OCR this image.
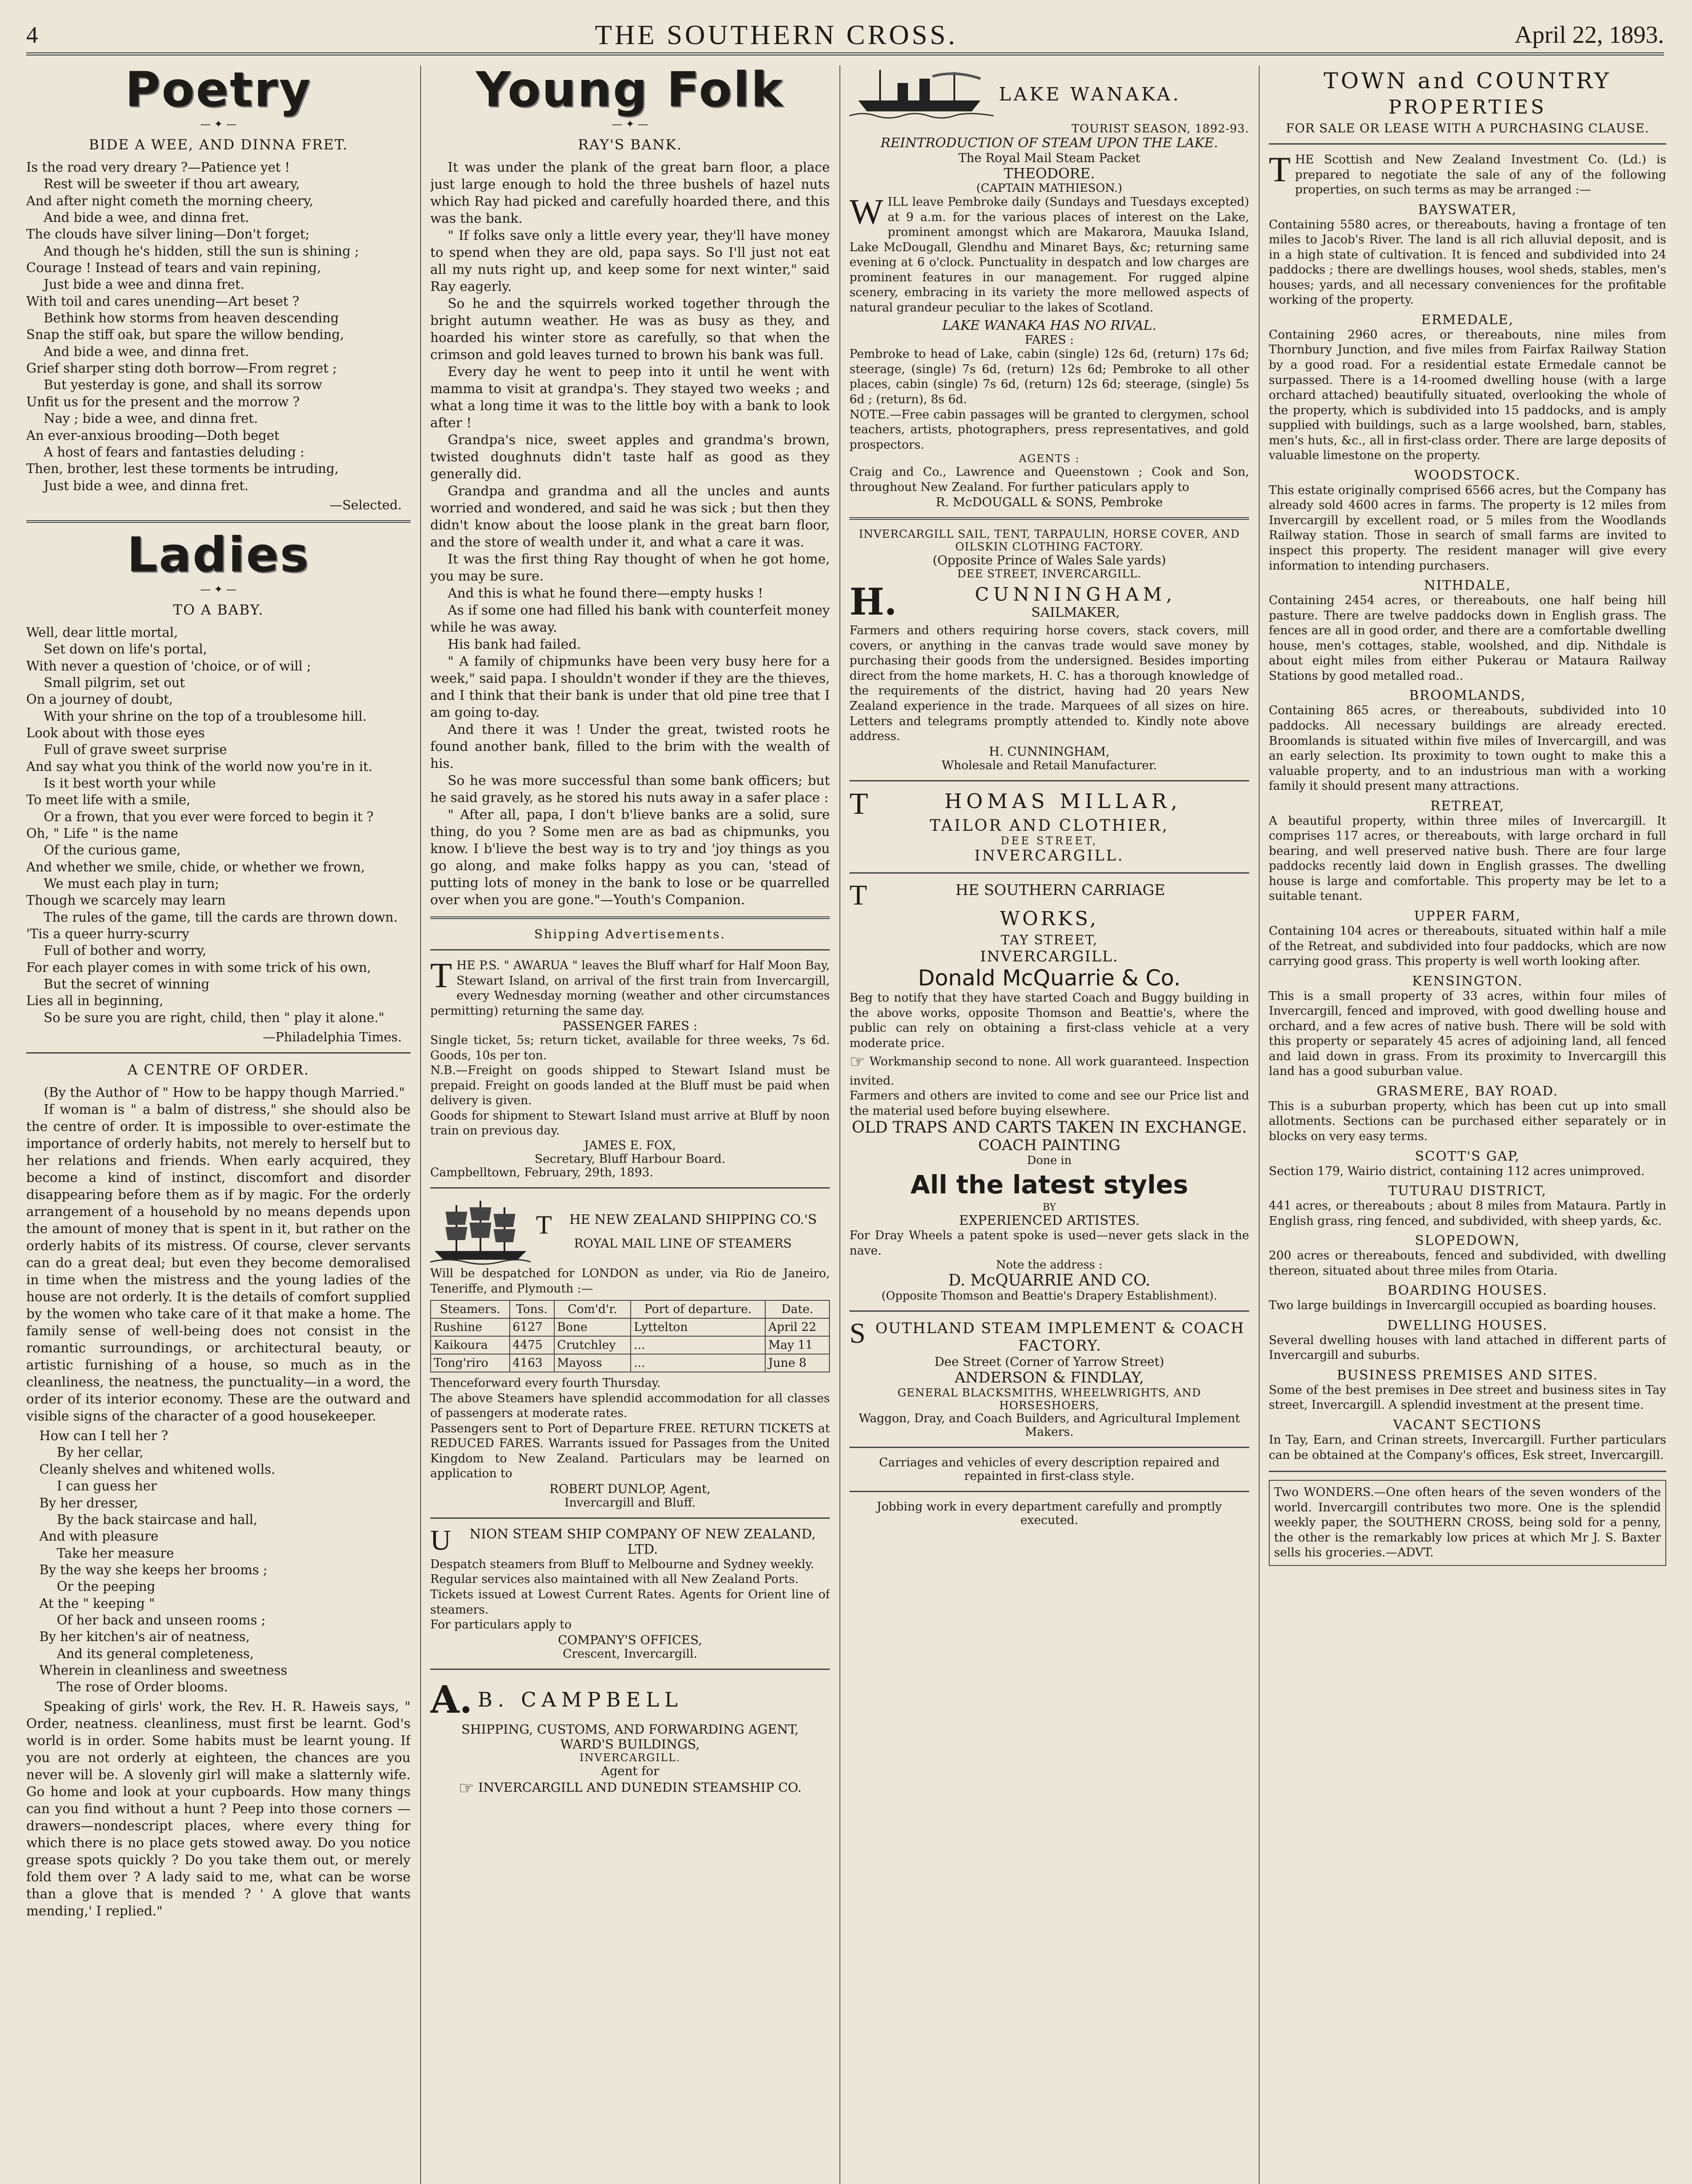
4	THE SOUTHERN CROSS.	April 22, 1893.
Poetry
— ✦ —
BIDE A WEE, AND DINNA FRET.

Is the road very dreary ?—Patience yet !

Rest will be sweeter if thou art aweary,

And after night cometh the morning cheery,

And bide a wee, and dinna fret.

The clouds have silver lining—Don't forget;

And though he's hidden, still the sun is shining ;

Courage ! Instead of tears and vain repining,

Just bide a wee and dinna fret.

With toil and cares unending—Art beset ?

Bethink how storms from heaven descending

Snap the stiff oak, but spare the willow bending,

And bide a wee, and dinna fret.

Grief sharper sting doth borrow—From regret ;

But yesterday is gone, and shall its sorrow

Unfit us for the present and the morrow ?

Nay ; bide a wee, and dinna fret.

An ever-anxious brooding—Doth beget

A host of fears and fantasties deluding :

Then, brother, lest these torments be intruding,

Just bide a wee, and dinna fret.

—Selected.
Ladies
— ✦ —
TO A BABY.

Well, dear little mortal,

Set down on life's portal,

With never a question of 'choice, or of will ;

Small pilgrim, set out

On a journey of doubt,

With your shrine on the top of a troublesome hill.

Look about with those eyes

Full of grave sweet surprise

And say what you think of the world now you're in it.

Is it best worth your while

To meet life with a smile,

Or a frown, that you ever were forced to begin it ?

Oh, " Life " is the name

Of the curious game,

And whether we smile, chide, or whether we frown,

We must each play in turn;

Though we scarcely may learn

The rules of the game, till the cards are thrown down.

'Tis a queer hurry-scurry

Full of bother and worry,

For each player comes in with some trick of his own,

But the secret of winning

Lies all in beginning,

So be sure you are right, child, then " play it alone."

—Philadelphia Times.
A CENTRE OF ORDER.

(By the Author of " How to be happy though Married."

If woman is " a balm of distress," she should also be the centre of order. It is impossible to over-estimate the importance of orderly habits, not merely to herself but to her relations and friends. When early acquired, they become a kind of instinct, discomfort and disorder disappearing before them as if by magic. For the orderly arrangement of a household by no means depends upon the amount of money that is spent in it, but rather on the orderly habits of its mistress. Of course, clever servants can do a great deal; but even they become demoralised in time when the mistress and the young ladies of the house are not orderly. It is the details of comfort supplied by the women who take care of it that make a home. The family sense of well-being does not consist in the romantic surroundings, or architectural beauty, or artistic furnishing of a house, so much as in the cleanliness, the neatness, the punctuality—in a word, the order of its interior economy. These are the outward and visible signs of the character of a good housekeeper.

How can I tell her ?

By her cellar,

Cleanly shelves and whitened wolls.

I can guess her

By her dresser,

By the back staircase and hall,

And with pleasure

Take her measure

By the way she keeps her brooms ;

Or the peeping

At the " keeping "

Of her back and unseen rooms ;

By her kitchen's air of neatness,

And its general completeness,

Wherein in cleanliness and sweetness

The rose of Order blooms.

Speaking of girls' work, the Rev. H. R. Haweis says, " Order, neatness. cleanliness, must first be learnt. God's world is in order. Some habits must be learnt young. If you are not orderly at eighteen, the chances are you never will be. A slovenly girl will make a slatternly wife. Go home and look at your cupboards. How many things can you find without a hunt ? Peep into those corners — drawers—nondescript places, where every thing for which there is no place gets stowed away. Do you notice grease spots quickly ? Do you take them out, or merely fold them over ? A lady said to me, what can be worse than a glove that is mended ? ' A glove that wants mending,' I replied."

Young Folk
— ✦ —
RAY'S BANK.

It was under the plank of the great barn floor, a place just large enough to hold the three bushels of hazel nuts which Ray had picked and carefully hoarded there, and this was the bank.

" If folks save only a little every year, they'll have money to spend when they are old, papa says. So I'll just not eat all my nuts right up, and keep some for next winter," said Ray eagerly.

So he and the squirrels worked together through the bright autumn weather. He was as busy as they, and hoarded his winter store as carefully, so that when the crimson and gold leaves turned to brown his bank was full.

Every day he went to peep into it until he went with mamma to visit at grandpa's. They stayed two weeks ; and what a long time it was to the little boy with a bank to look after !

Grandpa's nice, sweet apples and grandma's brown, twisted doughnuts didn't taste half as good as they generally did.

Grandpa and grandma and all the uncles and aunts worried and wondered, and said he was sick ; but then they didn't know about the loose plank in the great barn floor, and the store of wealth under it, and what a care it was.

It was the first thing Ray thought of when he got home, you may be sure.

And this is what he found there—empty husks !

As if some one had filled his bank with counterfeit money while he was away.

His bank had failed.

" A family of chipmunks have been very busy here for a week," said papa. I shouldn't wonder if they are the thieves, and I think that their bank is under that old pine tree that I am going to-day.

And there it was ! Under the great, twisted roots he found another bank, filled to the brim with the wealth of his.

So he was more successful than some bank officers; but he said gravely, as he stored his nuts away in a safer place :

" After all, papa, I don't b'lieve banks are a solid, sure thing, do you ? Some men are as bad as chipmunks, you know. I b'lieve the best way is to try and 'joy things as you go along, and make folks happy as you can, 'stead of putting lots of money in the bank to lose or be quarrelled over when you are gone."—Youth's Companion.

Shipping Advertisements.

THE P.S. " AWARUA " leaves the Bluff wharf for Half Moon Bay, Stewart Island, on arrival of the first train from Invercargill, every Wednesday morning (weather and other circumstances permitting) returning the same day.

PASSENGER FARES :

Single ticket, 5s; return ticket, available for three weeks, 7s 6d. Goods, 10s per ton.

N.B.—Freight on goods shipped to Stewart Island must be prepaid. Freight on goods landed at the Bluff must be paid when delivery is given.

Goods for shipment to Stewart Island must arrive at Bluff by noon train on previous day.

JAMES E. FOX,
Secretary, Bluff Harbour Board.
Campbelltown, February, 29th, 1893.
T HE NEW ZEALAND SHIPPING CO.'S
ROYAL MAIL LINE OF STEAMERS

Will be despatched for LONDON as under, via Rio de Janeiro, Teneriffe, and Plymouth :—

Steamers.	Tons.	Com'd'r.	Port of departure.	Date.
Rushine	6127	Bone	Lyttelton	April 22
Kaikoura	4475	Crutchley	...	May 11
Tong'riro	4163	Mayoss	...	June 8

Thenceforward every fourth Thursday.

The above Steamers have splendid accommodation for all classes of passengers at moderate rates.

Passengers sent to Port of Departure FREE. RETURN TICKETS at REDUCED FARES. Warrants issued for Passages from the United Kingdom to New Zealand. Particulars may be learned on application to

ROBERT DUNLOP, Agent,
Invercargill and Bluff.
U NION STEAM SHIP COMPANY OF NEW ZEALAND, LTD.

Despatch steamers from Bluff to Melbourne and Sydney weekly.

Regular services also maintained with all New Zealand Ports.

Tickets issued at Lowest Current Rates. Agents for Orient line of steamers.

For particulars apply to

COMPANY'S OFFICES,
Crescent, Invercargill.
A. B. CAMPBELL
SHIPPING, CUSTOMS, AND FORWARDING AGENT,
WARD'S BUILDINGS,
INVERCARGILL.
Agent for
☞ INVERCARGILL AND DUNEDIN STEAMSHIP CO.
LAKE WANAKA.
TOURIST SEASON, 1892-93.
REINTRODUCTION OF STEAM UPON THE LAKE.
The Royal Mail Steam Packet
THEODORE.
(CAPTAIN MATHIESON.)

WILL leave Pembroke daily (Sundays and Tuesdays excepted) at 9 a.m. for the various places of interest on the Lake, prominent amongst which are Makarora, Mauuka Island, Lake McDougall, Glendhu and Minaret Bays, &c; returning same evening at 6 o'clock. Punctuality in despatch and low charges are prominent features in our management. For rugged alpine scenery, embracing in its variety the more mellowed aspects of natural grandeur peculiar to the lakes of Scotland.

LAKE WANAKA HAS NO RIVAL.
FARES :

Pembroke to head of Lake, cabin (single) 12s 6d, (return) 17s 6d; steerage, (single) 7s 6d, (return) 12s 6d; Pembroke to all other places, cabin (single) 7s 6d, (return) 12s 6d; steerage, (single) 5s 6d ; (return), 8s 6d.

NOTE.—Free cabin passages will be granted to clergymen, school teachers, artists, photographers, press representatives, and gold prospectors.

AGENTS :

Craig and Co., Lawrence and Queenstown ; Cook and Son, throughout New Zealand. For further paticulars apply to

R. McDOUGALL & SONS, Pembroke
INVERCARGILL SAIL, TENT, TARPAULIN, HORSE COVER, AND OILSKIN CLOTHING FACTORY.
(Opposite Prince of Wales Sale yards)
DEE STREET, INVERCARGILL.
H.	CUNNINGHAM,
SAILMAKER,

Farmers and others requiring horse covers, stack covers, mill covers, or anything in the canvas trade would save money by purchasing their goods from the undersigned. Besides importing direct from the home markets, H. C. has a thorough knowledge of the requirements of the district, having had 20 years New Zealand experience in the trade. Marquees of all sizes on hire. Letters and telegrams promptly attended to. Kindly note above address.

H. CUNNINGHAM,
Wholesale and Retail Manufacturer.
T	HOMAS MILLAR,
TAILOR AND CLOTHIER,
DEE STREET,
INVERCARGILL.
T	HE SOUTHERN CARRIAGE
WORKS,
TAY STREET,
INVERCARGILL.
Donald McQuarrie & Co.

Beg to notify that they have started Coach and Buggy building in the above works, opposite Thomson and Beattie's, where the public can rely on obtaining a first-class vehicle at a very moderate price.

☞ Workmanship second to none. All work guaranteed. Inspection invited.

Farmers and others are invited to come and see our Price list and the material used before buying elsewhere.

OLD TRAPS AND CARTS TAKEN IN EXCHANGE.
COACH PAINTING
Done in
All the latest styles
BY
EXPERIENCED ARTISTES.

For Dray Wheels a patent spoke is used—never gets slack in the nave.

Note the address :
D. McQUARRIE AND CO.
(Opposite Thomson and Beattie's Drapery Establishment).
SOUTHLAND STEAM IMPLEMENT & COACH FACTORY.
Dee Street (Corner of Yarrow Street)
ANDERSON & FINDLAY,
GENERAL BLACKSMITHS, WHEELWRIGHTS, AND HORSESHOERS,
Waggon, Dray, and Coach Builders, and Agricultural Implement Makers.
Carriages and vehicles of every description repaired and repainted in first-class style.
Jobbing work in every department carefully and promptly executed.
TOWN and COUNTRY
PROPERTIES
FOR SALE OR LEASE WITH A PURCHASING CLAUSE.

THE Scottish and New Zealand Investment Co. (Ld.) is prepared to negotiate the sale of any of the following properties, on such terms as may be arranged :—

BAYSWATER,

Containing 5580 acres, or thereabouts, having a frontage of ten miles to Jacob's River. The land is all rich alluvial deposit, and is in a high state of cultivation. It is fenced and subdivided into 24 paddocks ; there are dwellings houses, wool sheds, stables, men's houses; yards, and all necessary conveniences for the profitable working of the property.

ERMEDALE,

Containing 2960 acres, or thereabouts, nine miles from Thornbury Junction, and five miles from Fairfax Railway Station by a good road. For a residential estate Ermedale cannot be surpassed. There is a 14-roomed dwelling house (with a large orchard attached) beautifully situated, overlooking the whole of the property, which is subdivided into 15 paddocks, and is amply supplied with buildings, such as a large woolshed, barn, stables, men's huts, &c., all in first-class order. There are large deposits of valuable limestone on the property.

WOODSTOCK.

This estate originally comprised 6566 acres, but the Company has already sold 4600 acres in farms. The property is 12 miles from Invercargill by excellent road, or 5 miles from the Woodlands Railway station. Those in search of small farms are invited to inspect this property. The resident manager will give every information to intending purchasers.

NITHDALE,

Containing 2454 acres, or thereabouts, one half being hill pasture. There are twelve paddocks down in English grass. The fences are all in good order, and there are a comfortable dwelling house, men's cottages, stable, woolshed, and dip. Nithdale is about eight miles from either Pukerau or Mataura Railway Stations by good metalled road..

BROOMLANDS,

Containing 865 acres, or thereabouts, subdivided into 10 paddocks. All necessary buildings are already erected. Broomlands is situated within five miles of Invercargill, and was an early selection. Its proximity to town ought to make this a valuable property, and to an industrious man with a working family it should present many attractions.

RETREAT,

A beautiful property, within three miles of Invercargill. It comprises 117 acres, or thereabouts, with large orchard in full bearing, and well preserved native bush. There are four large paddocks recently laid down in English grasses. The dwelling house is large and comfortable. This property may be let to a suitable tenant.

UPPER FARM,

Containing 104 acres or thereabouts, situated within half a mile of the Retreat, and subdivided into four paddocks, which are now carrying good grass. This property is well worth looking after.

KENSINGTON.

This is a small property of 33 acres, within four miles of Invercargill, fenced and improved, with good dwelling house and orchard, and a few acres of native bush. There will be sold with this property or separately 45 acres of adjoining land, all fenced and laid down in grass. From its proximity to Invercargill this land has a good suburban value.

GRASMERE, BAY ROAD.

This is a suburban property, which has been cut up into small allotments. Sections can be purchased either separately or in blocks on very easy terms.

SCOTT'S GAP,

Section 179, Wairio district, containing 112 acres unimproved.

TUTURAU DISTRICT,

441 acres, or thereabouts ; about 8 miles from Mataura. Partly in English grass, ring fenced, and subdivided, with sheep yards, &c.

SLOPEDOWN,

200 acres or thereabouts, fenced and subdivided, with dwelling thereon, situated about three miles from Otaria.

BOARDING HOUSES.

Two large buildings in Invercargill occupied as boarding houses.

DWELLING HOUSES.

Several dwelling houses with land attached in different parts of Invercargill and suburbs.

BUSINESS PREMISES AND SITES.

Some of the best premises in Dee street and business sites in Tay street, Invercargill. A splendid investment at the present time.

VACANT SECTIONS

In Tay, Earn, and Crinan streets, Invercargill. Further particulars can be obtained at the Company's offices, Esk street, Invercargill.

Two WONDERS.—One often hears of the seven wonders of the world. Invercargill contributes two more. One is the splendid weekly paper, the SOUTHERN CROSS, being sold for a penny, the other is the remarkably low prices at which Mr J. S. Baxter sells his groceries.—ADVT.
